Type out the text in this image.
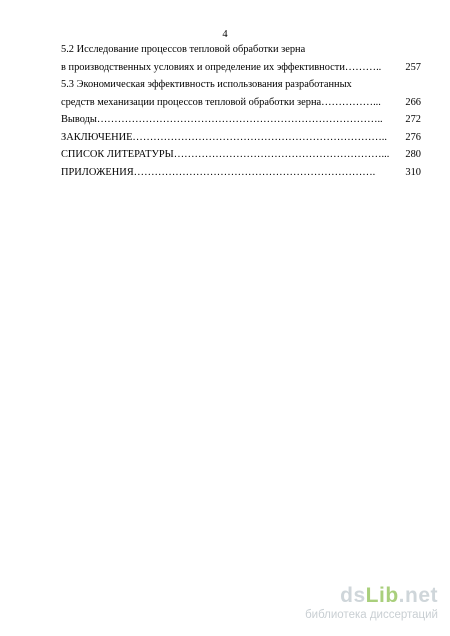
4
5.2 Исследование процессов тепловой обработки зерна
в производственных условиях и определение их эффективности………..	257
5.3 Экономическая эффективность использования разработанных
средств механизации процессов тепловой обработки зерна……………...	266
Выводы………………………………………………………………………..	272
ЗАКЛЮЧЕНИЕ………………………………………………………………..	276
СПИСОК ЛИТЕРАТУРЫ……………………………………………………...	280
ПРИЛОЖЕНИЯ…………………………………………………………….	310
dsLib.net
библиотека диссертаций
